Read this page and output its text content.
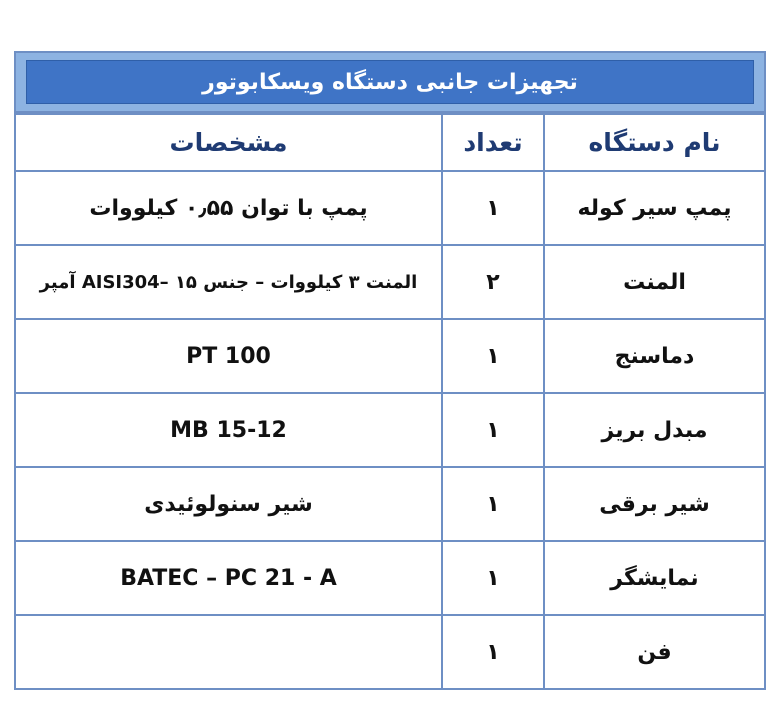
تجهیزات جانبی دستگاه ویسکابوتور
نام دستگاه	تعداد	مشخصات
پمپ سیر کوله	۱	پمپ با توان ۰٫۵۵ کیلووات
المنت	۲	المنت ۳ کیلووات – جنس AISI304– ۱۵ آمپر
دماسنج	۱	PT 100
مبدل بریز	۱	MB 15-12
شیر برقی	۱	شیر سنولوئیدی
نمایشگر	۱	BATEC – PC 21 - A
فن	۱	
